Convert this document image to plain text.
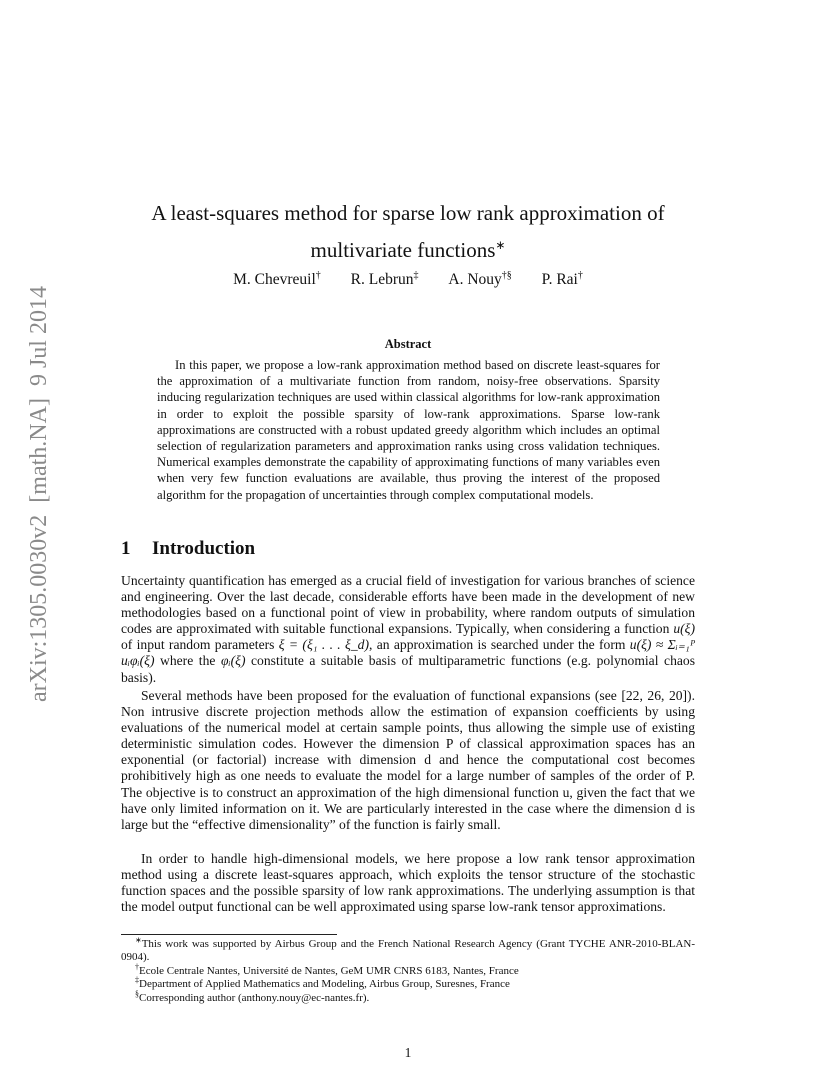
arXiv:1305.0030v2  [math.NA]  9 Jul 2014
A least-squares method for sparse low rank approximation of
multivariate functions∗
M. Chevreuil† R. Lebrun‡ A. Nouy†§ P. Rai†
Abstract
In this paper, we propose a low-rank approximation method based on discrete least-squares for the approximation of a multivariate function from random, noisy-free observations. Sparsity inducing regularization techniques are used within classical algorithms for low-rank approximation in order to exploit the possible sparsity of low-rank approximations. Sparse low-rank approximations are constructed with a robust updated greedy algorithm which includes an optimal selection of regularization parameters and approximation ranks using cross validation techniques. Numerical examples demonstrate the capability of approximating functions of many variables even when very few function evaluations are available, thus proving the interest of the proposed algorithm for the propagation of uncertainties through complex computational models.
1 Introduction
Uncertainty quantification has emerged as a crucial field of investigation for various branches of science and engineering. Over the last decade, considerable efforts have been made in the development of new methodologies based on a functional point of view in probability, where random outputs of simulation codes are approximated with suitable functional expansions. Typically, when considering a function u(ξ) of input random parameters ξ = (ξ₁ . . . ξ_d), an approximation is searched under the form u(ξ) ≈ Σᵢ₌₁ᴾ uᵢφᵢ(ξ) where the φᵢ(ξ) constitute a suitable basis of multiparametric functions (e.g. polynomial chaos basis).
Several methods have been proposed for the evaluation of functional expansions (see [22, 26, 20]). Non intrusive discrete projection methods allow the estimation of expansion coefficients by using evaluations of the numerical model at certain sample points, thus allowing the simple use of existing deterministic simulation codes. However the dimension P of classical approximation spaces has an exponential (or factorial) increase with dimension d and hence the computational cost becomes prohibitively high as one needs to evaluate the model for a large number of samples of the order of P. The objective is to construct an approximation of the high dimensional function u, given the fact that we have only limited information on it. We are particularly interested in the case where the dimension d is large but the “effective dimensionality” of the function is fairly small.
In order to handle high-dimensional models, we here propose a low rank tensor approximation method using a discrete least-squares approach, which exploits the tensor structure of the stochastic function spaces and the possible sparsity of low rank approximations. The underlying assumption is that the model output functional can be well approximated using sparse low-rank tensor approximations.
∗This work was supported by Airbus Group and the French National Research Agency (Grant TYCHE ANR-2010-BLAN-0904).
†Ecole Centrale Nantes, Université de Nantes, GeM UMR CNRS 6183, Nantes, France
‡Department of Applied Mathematics and Modeling, Airbus Group, Suresnes, France
§Corresponding author (anthony.nouy@ec-nantes.fr).
1
